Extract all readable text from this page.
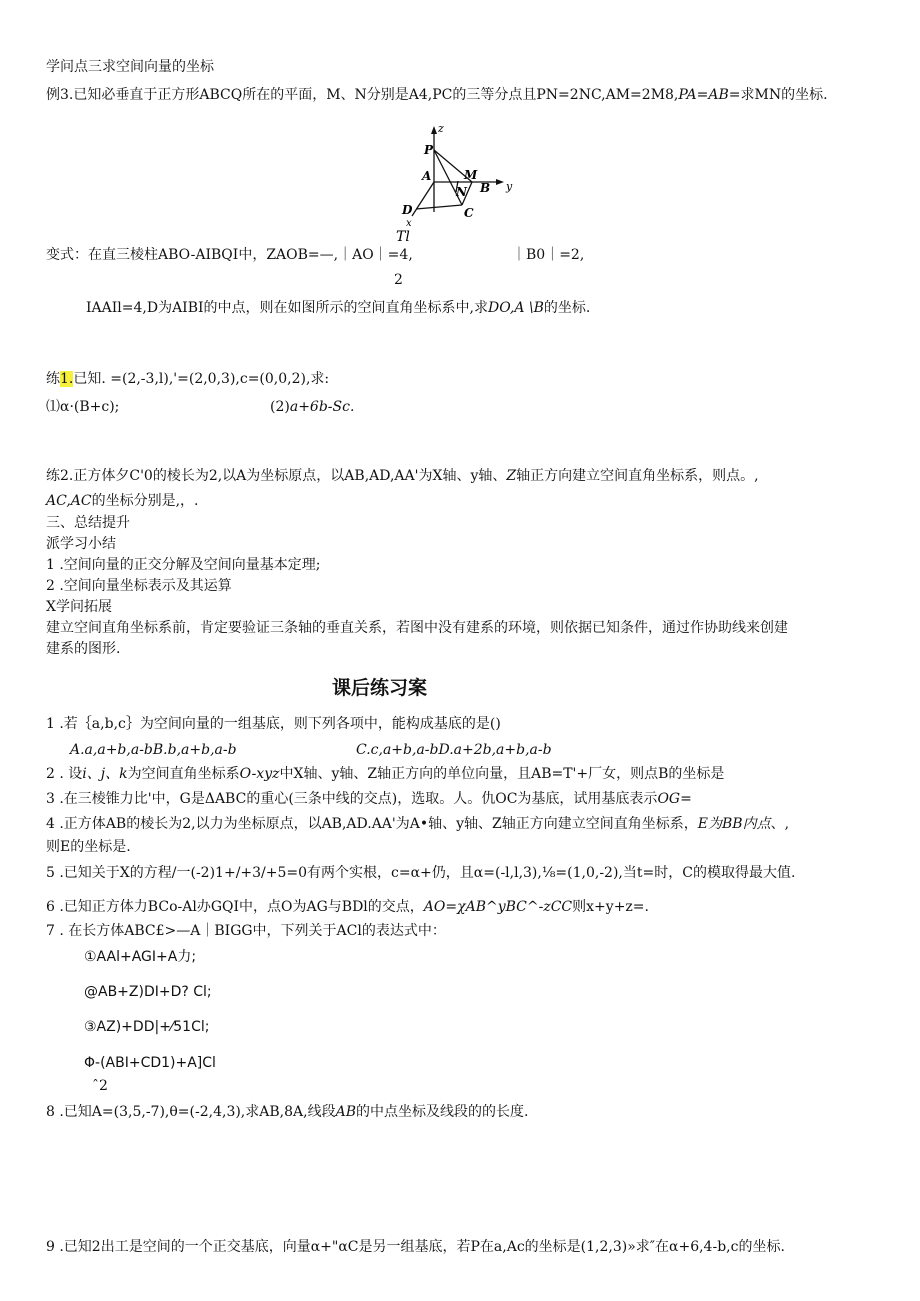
学问点三求空间向量的坐标
例3.已知必垂直于正方形ABCQ所在的平面，M、N分别是A4,PC的三等分点且PN=2NC,AM=2M8,PA=AB=求MN的坐标.
z
P
M
A
N B y
D	C
x
Tl
变式：在直三棱柱ABO-AIBQI中，ZAOB=—,｜AO｜=4,	｜B0｜=2,
2
IAAIl=4,D为AIBI的中点，则在如图所示的空间直角坐标系中,求DO,A \B的坐标.
练1.已知. =(2,-3,l),'=(2,0,3),c=(0,0,2),求:
⑴α·(B+c);	(2)a+6b-Sc.
练2.正方体夕C'0的棱长为2,以A为坐标原点，以AB,AD,AA'为X轴、y轴、Z轴正方向建立空间直角坐标系，则点。,
AC,AC的坐标分别是,，.
三、总结提升
派学习小结
1 .空间向量的正交分解及空间向量基本定理;
2 .空间向量坐标表示及其运算
X学问拓展
建立空间直角坐标系前，肯定要验证三条轴的垂直关系，若图中没有建系的环境，则依据已知条件，通过作协助线来创建
建系的图形.
课后练习案
1 .若｛a,b,c｝为空间向量的一组基底，则下列各项中，能构成基底的是()
A.a,a+b,a-bB.b,a+b,a-b	C.c,a+b,a-bD.a+2b,a+b,a-b
2 . 设i、j、k为空间直角坐标系O-xyz中X轴、y轴、Z轴正方向的单位向量，且AB=T'+厂女，则点B的坐标是
3 .在三棱锥力比'中，G是ΔABC的重心(三条中线的交点)，选取。人。仇OC为基底，试用基底表示OG=
4 .正方体AB的棱长为2,以力为坐标原点，以AB,AD.AA'为A•轴、y轴、Z轴正方向建立空间直角坐标系，E为BB内点、,
则E的坐标是.
5 .已知关于X的方程/一(-2)1+/+3/+5=0有两个实根，c=α+仍，且α=(-l,l,3),⅛=(1,0,-2),当t=时，C的模取得最大值.
6 .已知正方体力BCo-Al办GQI中，点O为AG与BDl的交点，AO=χAB^yBC^-zCC则x+y+z=.
7 . 在长方体ABC£>—A｜BIGG中，下列关于ACl的表达式中：
①AAl+AGI+A力;
@AB+Z)DI+D? Cl;
③AZ)+DD|+⁄51Cl;
Φ-(ABI+CD1)+A]Cl
ˆ2
8 .已知A=(3,5,-7),θ=(-2,4,3),求AB,8A,线段AB的中点坐标及线段的的长度.
9 .已知2出工是空间的一个正交基底，向量α+"αC是另一组基底，若P在a,Ac的坐标是(1,2,3)»求″在α+6,4-b,c的坐标.
